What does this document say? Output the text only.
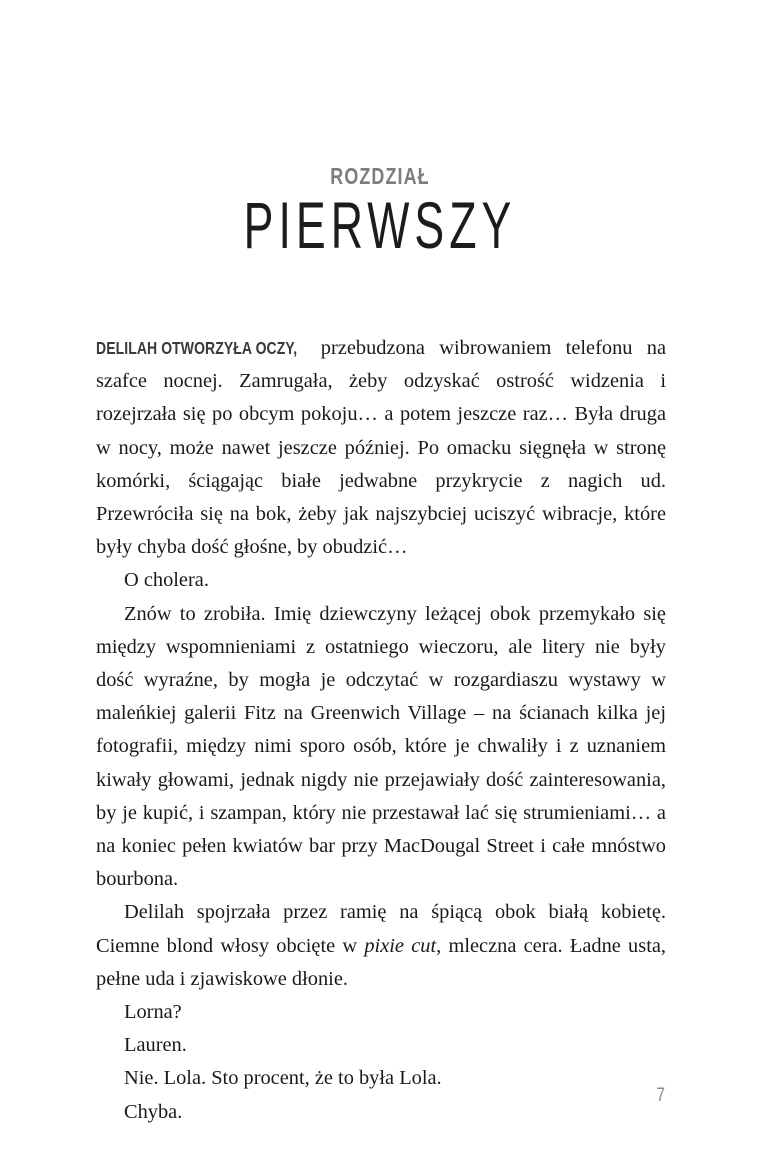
ROZDZIAŁ
PIERWSZY

DELILAH OTWORZYŁA OCZY, przebudzona wibrowaniem telefonu na szafce nocnej. Zamrugała, żeby odzyskać ostrość widzenia i rozejrzała się po obcym pokoju… a potem jeszcze raz… Była druga w nocy, może nawet jeszcze później. Po omacku sięgnęła w stronę komórki, ściągając białe jedwabne przykrycie z nagich ud. Przewróciła się na bok, żeby jak najszybciej uciszyć wibracje, które były chyba dość głośne, by obudzić…

O cholera.

Znów to zrobiła. Imię dziewczyny leżącej obok przemykało się między wspomnieniami z ostatniego wieczoru, ale litery nie były dość wyraźne, by mogła je odczytać w rozgardiaszu wystawy w maleńkiej galerii Fitz na Greenwich Village – na ścianach kilka jej fotografii, między nimi sporo osób, które je chwaliły i z uznaniem kiwały głowami, jednak nigdy nie przejawiały dość zainteresowania, by je kupić, i szampan, który nie przestawał lać się strumieniami… a na koniec pełen kwiatów bar przy MacDougal Street i całe mnóstwo bourbona.

Delilah spojrzała przez ramię na śpiącą obok białą kobietę. Ciemne blond włosy obcięte w pixie cut, mleczna cera. Ładne usta, pełne uda i zjawiskowe dłonie.

Lorna?

Lauren.

Nie. Lola. Sto procent, że to była Lola.

Chyba.

7
